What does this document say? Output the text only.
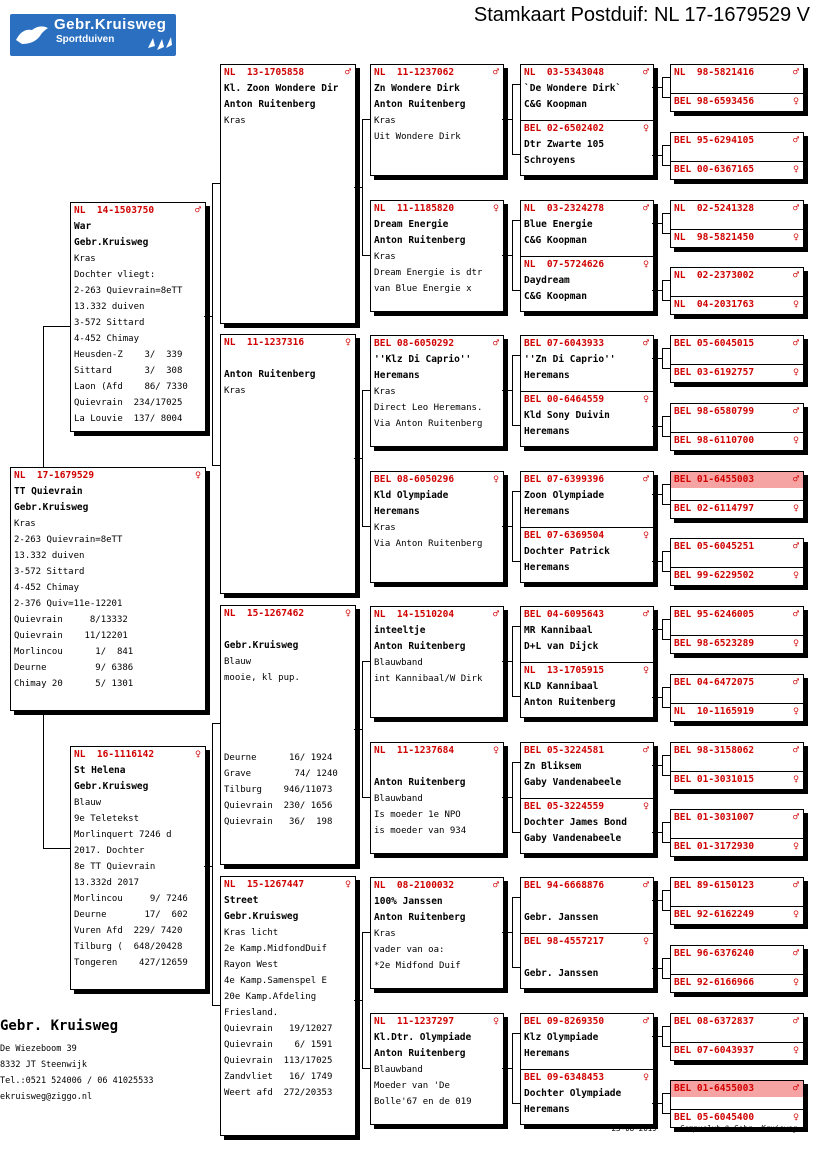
Gebr.Kruisweg
Sportduiven
Stamkaart Postduif: NL 17-1679529 V
NL  17-1679529	♀
TT Quievrain
Gebr.Kruisweg
Kras
2-263 Quievrain=8eTT
13.332 duiven
3-572 Sittard
4-452 Chimay
2-376 Quiv=11e-12201
Quievrain     8/13332
Quievrain    11/12201
Morlincou      1/  841
Deurne         9/ 6386
Chimay 20      5/ 1301
NL  14-1503750	♂
War
Gebr.Kruisweg
Kras
Dochter vliegt:
2-263 Quievrain=8eTT
13.332 duiven
3-572 Sittard
4-452 Chimay
Heusden-Z    3/  339
Sittard      3/  308
Laon (Afd    86/ 7330
Quievrain  234/17025
La Louvie  137/ 8004
NL  16-1116142	♀
St Helena
Gebr.Kruisweg
Blauw
9e Teletekst
Morlinquert 7246 d
2017. Dochter
8e TT Quievrain
13.332d 2017
Morlincou     9/ 7246
Deurne       17/  602
Vuren Afd  229/ 7420
Tilburg (  648/20428
Tongeren    427/12659
NL  13-1705858	♂
Kl. Zoon Wondere Dir
Anton Ruitenberg
Kras
NL  11-1237316	♀
Anton Ruitenberg
Kras
NL  15-1267462	♀
Gebr.Kruisweg
Blauw
mooie, kl pup.
Deurne      16/ 1924
Grave        74/ 1240
Tilburg    946/11073
Quievrain  230/ 1656
Quievrain   36/  198
NL  15-1267447	♀
Street
Gebr.Kruisweg
Kras licht
2e Kamp.MidfondDuif
Rayon West
4e Kamp.Samenspel E
20e Kamp.Afdeling
Friesland.
Quievrain   19/12027
Quievrain    6/ 1591
Quievrain  113/17025
Zandvliet   16/ 1749
Weert afd  272/20353
NL  11-1237062	♂
Zn Wondere Dirk
Anton Ruitenberg
Kras
Uit Wondere Dirk
NL  11-1185820	♀
Dream Energie
Anton Ruitenberg
Kras
Dream Energie is dtr
van Blue Energie x
BEL 08-6050292	♂
''Klz Di Caprio''
Heremans
Kras
Direct Leo Heremans.
Via Anton Ruitenberg
BEL 08-6050296	♀
Kld Olympiade
Heremans
Kras
Via Anton Ruitenberg
NL  14-1510204	♂
inteeltje
Anton Ruitenberg
Blauwband
int Kannibaal/W Dirk
NL  11-1237684	♀
Anton Ruitenberg
Blauwband
Is moeder 1e NPO
is moeder van 934
NL  08-2100032	♂
100% Janssen
Anton Ruitenberg
Kras
vader van oa:
*2e Midfond Duif
NL  11-1237297	♀
Kl.Dtr. Olympiade
Anton Ruitenberg
Blauwband
Moeder van 'De
Bolle'67 en de 019
NL  03-5343048	♂
`De Wondere Dirk`
C&G Koopman
BEL 02-6502402	♀
Dtr Zwarte 105
Schroyens
NL  03-2324278	♂
Blue Energie
C&G Koopman
NL  07-5724626	♀
Daydream
C&G Koopman
BEL 07-6043933	♂
''Zn Di Caprio''
Heremans
BEL 00-6464559	♀
Kld Sony Duivin
Heremans
BEL 07-6399396	♂
Zoon Olympiade
Heremans
BEL 07-6369504	♀
Dochter Patrick
Heremans
BEL 04-6095643	♂
MR Kannibaal
D+L van Dijck
NL  13-1705915	♀
KLD Kannibaal
Anton Ruitenberg
BEL 05-3224581	♂
Zn Bliksem
Gaby Vandenabeele
BEL 05-3224559	♀
Dochter James Bond
Gaby Vandenabeele
BEL 94-6668876	♂
Gebr. Janssen
BEL 98-4557217	♀
Gebr. Janssen
BEL 09-8269350	♂
Klz Olympiade
Heremans
BEL 09-6348453	♀
Dochter Olympiade
Heremans
NL  98-5821416	♂
BEL 98-6593456	♀
BEL 95-6294105	♂
BEL 00-6367165	♀
NL  02-5241328	♂
NL  98-5821450	♀
NL  02-2373002	♂
NL  04-2031763	♀
BEL 05-6045015	♂
BEL 03-6192757	♀
BEL 98-6580799	♂
BEL 98-6110700	♀
BEL 01-6455003	♂
BEL 02-6114797	♀
BEL 05-6045251	♂
BEL 99-6229502	♀
BEL 95-6246005	♂
BEL 98-6523289	♀
BEL 04-6472075	♂
NL  10-1165919	♀
BEL 98-3158062	♂
BEL 01-3031015	♀
BEL 01-3031007	♂
BEL 01-3172930	♀
BEL 89-6150123	♂
BEL 92-6162249	♀
BEL 96-6376240	♂
BEL 92-6166966	♀
BEL 08-6372837	♂
BEL 07-6043937	♀
BEL 01-6455003	♂
BEL 05-6045400	♀
Gebr. Kruisweg
De Wiezeboom 39
8332 JT Steenwijk
Tel.:0521 524006 / 06 41025533
ekruisweg@ziggo.nl
23-08-2019	Compuclub © Gebr. Kruisweg
